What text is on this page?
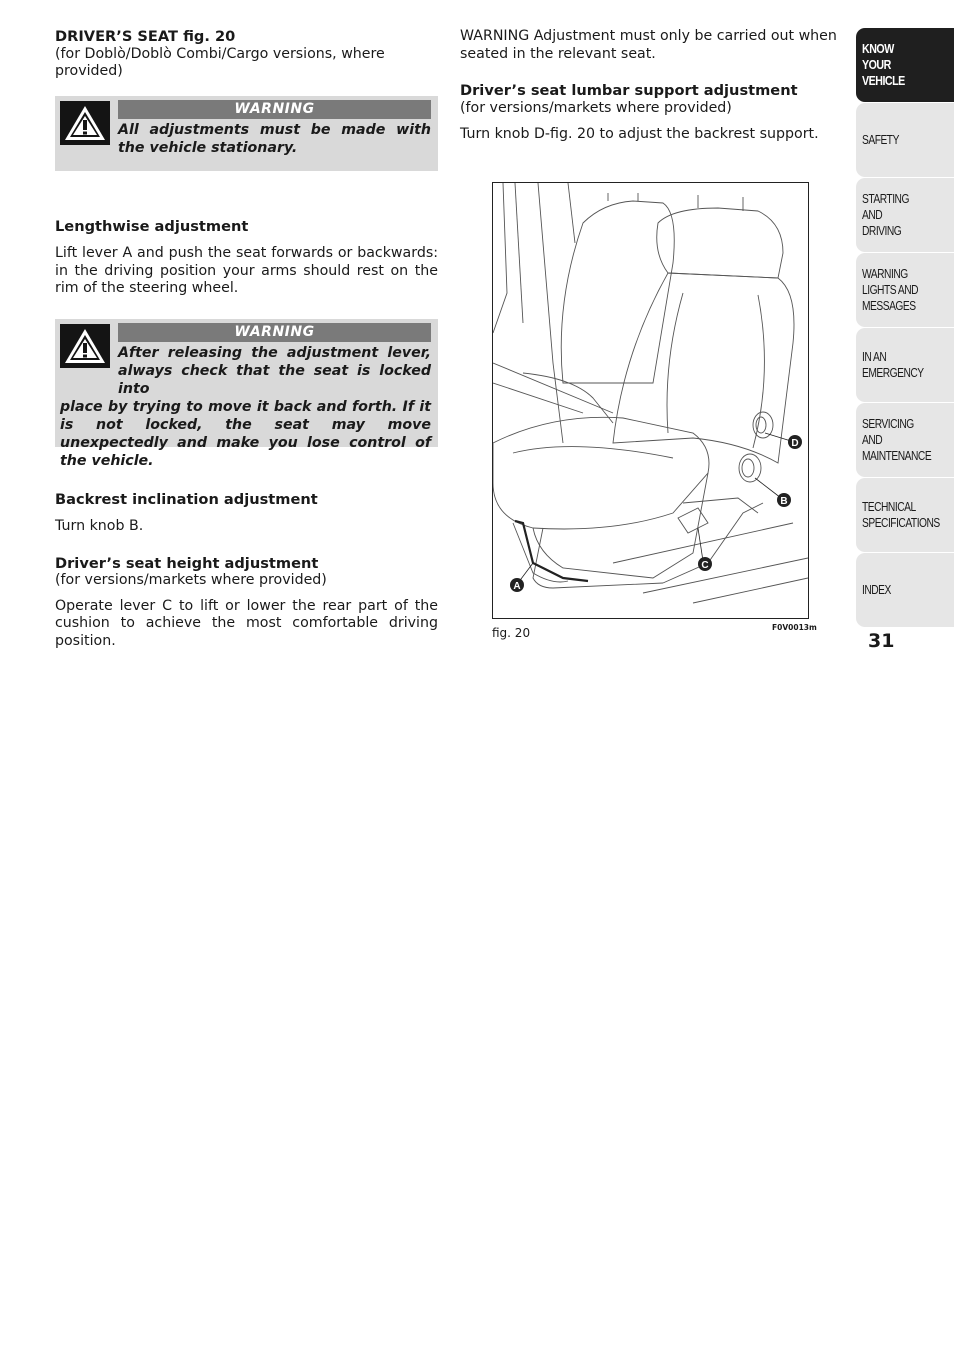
DRIVER’S SEAT fig. 20

(for Doblò/Doblò Combi/Cargo versions, where provided)

WARNING

All adjustments must be made with the vehicle stationary.

Lengthwise adjustment

Lift lever A and push the seat forwards or backwards: in the driving position your arms should rest on the rim of the steering wheel.

WARNING

After releasing the adjustment lever, always check that the seat is locked into

place by trying to move it back and forth. If it is not locked, the seat may move unexpectedly and make you lose control of the vehicle.

Backrest inclination adjustment

Turn knob B.

Driver’s seat height adjustment

(for versions/markets where provided)

Operate lever C to lift or lower the rear part of the cushion to achieve the most comfortable driving position.

WARNING Adjustment must only be carried out when seated in the relevant seat.

Driver’s seat lumbar support adjustment

(for versions/markets where provided)

Turn knob D-fig. 20 to adjust the backrest support.

D
B
C
A
fig. 20	F0V0013m
KNOW
YOUR
VEHICLE
SAFETY
STARTING
AND
DRIVING
WARNING
LIGHTS AND
MESSAGES
IN AN
EMERGENCY
SERVICING
AND
MAINTENANCE
TECHNICAL
SPECIFICATIONS
INDEX
31
